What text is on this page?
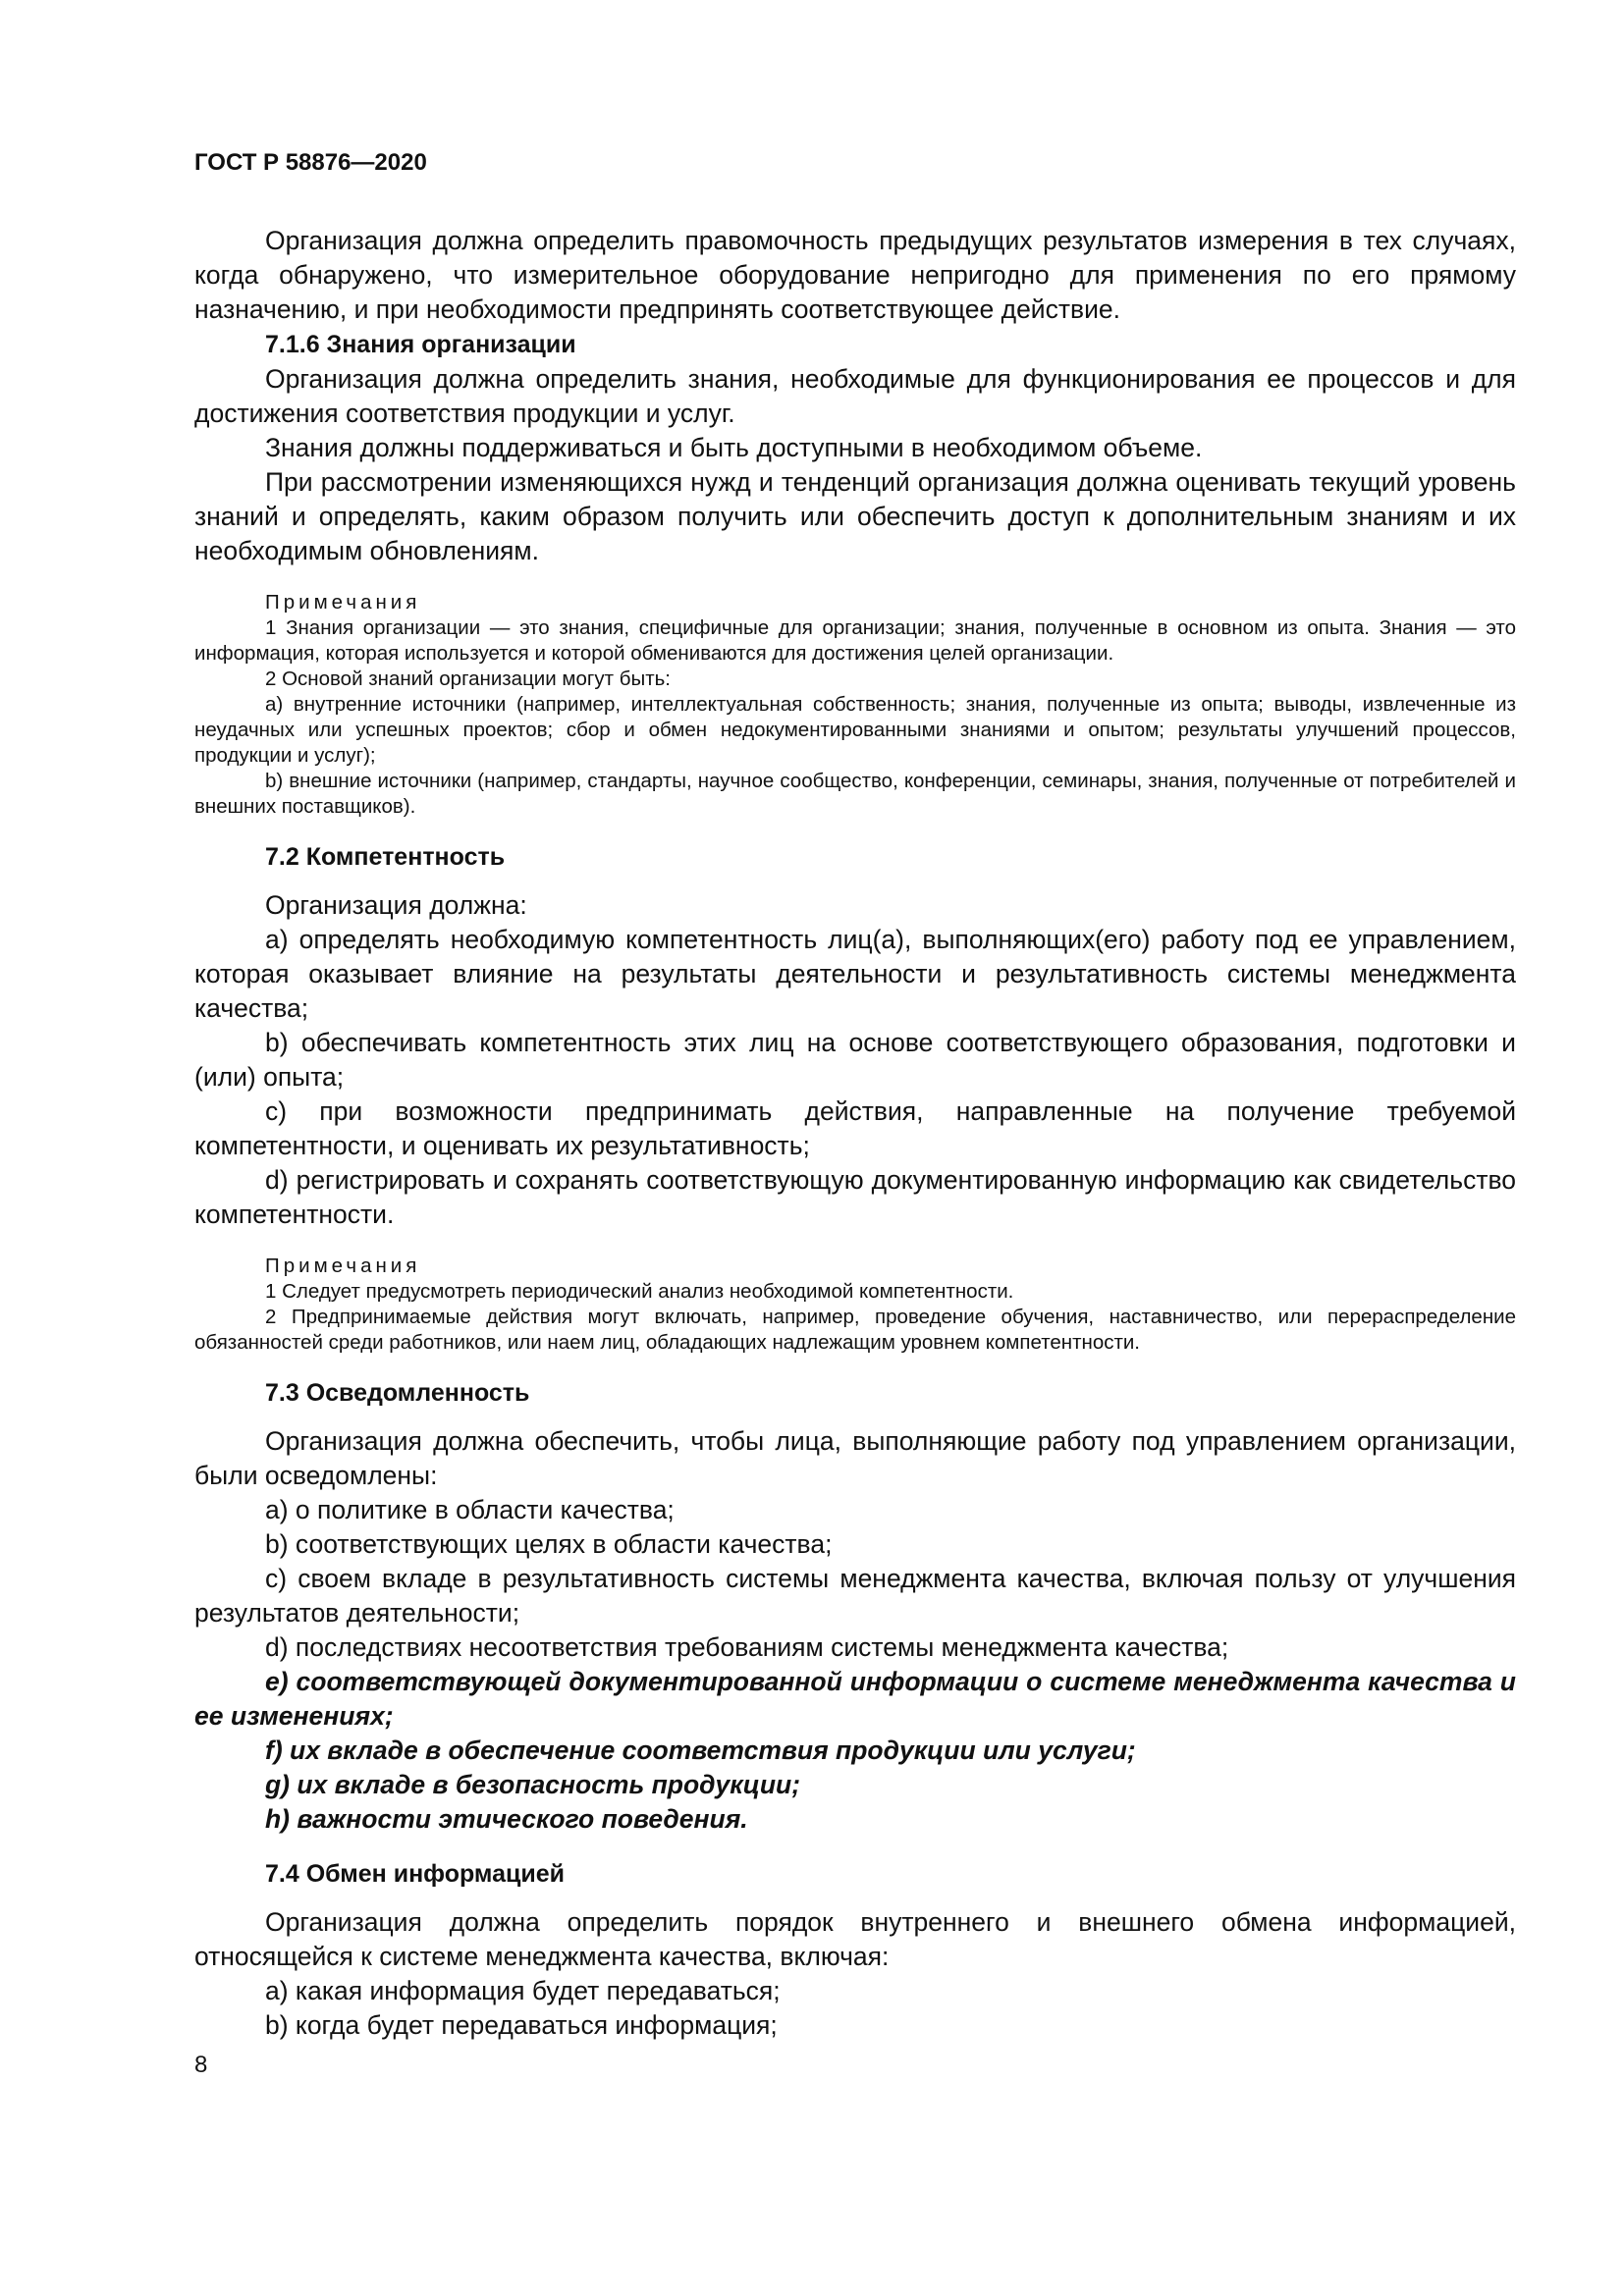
ГОСТ Р 58876—2020

Организация должна определить правомочность предыдущих результатов измерения в тех случаях, когда обнаружено, что измерительное оборудование непригодно для применения по его прямому назначению, и при необходимости предпринять соответствующее действие.

7.1.6 Знания организации

Организация должна определить знания, необходимые для функционирования ее процессов и для достижения соответствия продукции и услуг.

Знания должны поддерживаться и быть доступными в необходимом объеме.

При рассмотрении изменяющихся нужд и тенденций организация должна оценивать текущий уровень знаний и определять, каким образом получить или обеспечить доступ к дополнительным знаниям и их необходимым обновлениям.

Примечания

1 Знания организации — это знания, специфичные для организации; знания, полученные в основном из опыта. Знания — это информация, которая используется и которой обмениваются для достижения целей организации.

2 Основой знаний организации могут быть:

a) внутренние источники (например, интеллектуальная собственность; знания, полученные из опыта; выводы, извлеченные из неудачных или успешных проектов; сбор и обмен недокументированными знаниями и опытом; результаты улучшений процессов, продукции и услуг);

b) внешние источники (например, стандарты, научное сообщество, конференции, семинары, знания, полученные от потребителей и внешних поставщиков).

7.2 Компетентность

Организация должна:

a) определять необходимую компетентность лиц(а), выполняющих(его) работу под ее управлением, которая оказывает влияние на результаты деятельности и результативность системы менеджмента качества;

b) обеспечивать компетентность этих лиц на основе соответствующего образования, подготовки и (или) опыта;

c) при возможности предпринимать действия, направленные на получение требуемой компетентности, и оценивать их результативность;

d) регистрировать и сохранять соответствующую документированную информацию как свидетельство компетентности.

Примечания

1 Следует предусмотреть периодический анализ необходимой компетентности.

2 Предпринимаемые действия могут включать, например, проведение обучения, наставничество, или перераспределение обязанностей среди работников, или наем лиц, обладающих надлежащим уровнем компетентности.

7.3 Осведомленность

Организация должна обеспечить, чтобы лица, выполняющие работу под управлением организации, были осведомлены:

a) о политике в области качества;

b) соответствующих целях в области качества;

c) своем вкладе в результативность системы менеджмента качества, включая пользу от улучшения результатов деятельности;

d) последствиях несоответствия требованиям системы менеджмента качества;

e) соответствующей документированной информации о системе менеджмента качества и ее изменениях;

f) их вкладе в обеспечение соответствия продукции или услуги;

g) их вкладе в безопасность продукции;

h) важности этического поведения.

7.4 Обмен информацией

Организация должна определить порядок внутреннего и внешнего обмена информацией, относящейся к системе менеджмента качества, включая:

a) какая информация будет передаваться;

b) когда будет передаваться информация;

8
